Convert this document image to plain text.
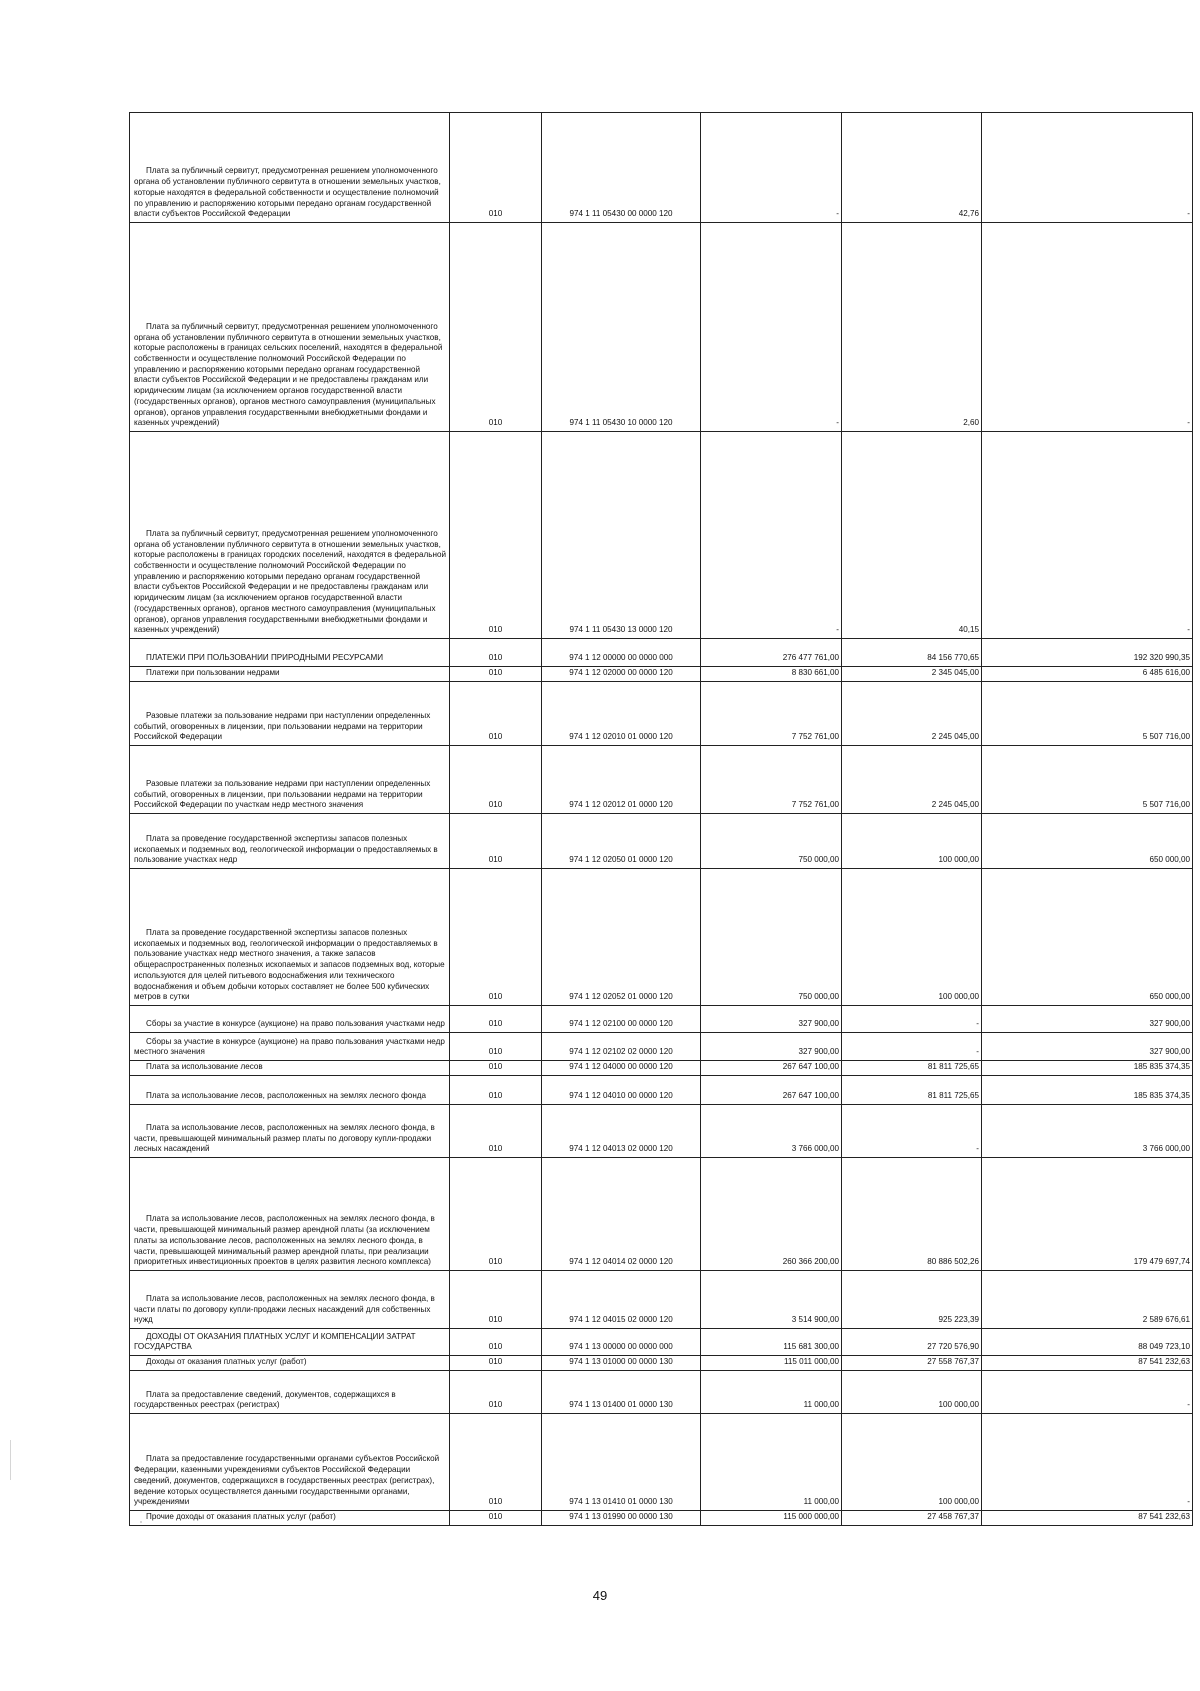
Плата за публичный сервитут, предусмотренная решением уполномоченного органа об установлении публичного сервитута в отношении земельных участков, которые находятся в федеральной собственности и осуществление полномочий по управлению и распоряжению которыми передано органам государственной власти субъектов Российской Федерации	010	974 1 11 05430 00 0000 120	-	42,76	-

Плата за публичный сервитут, предусмотренная решением уполномоченного органа об установлении публичного сервитута в отношении земельных участков, которые расположены в границах сельских поселений, находятся в федеральной собственности и осуществление полномочий Российской Федерации по управлению и распоряжению которыми передано органам государственной власти субъектов Российской Федерации и не предоставлены гражданам или юридическим лицам (за исключением органов государственной власти (государственных органов), органов местного самоуправления (муниципальных органов), органов управления государственными внебюджетными фондами и казенных учреждений)	010	974 1 11 05430 10 0000 120	-	2,60	-

Плата за публичный сервитут, предусмотренная решением уполномоченного органа об установлении публичного сервитута в отношении земельных участков, которые расположены в границах городских поселений, находятся в федеральной собственности и осуществление полномочий Российской Федерации по управлению и распоряжению которыми передано органам государственной власти субъектов Российской Федерации и не предоставлены гражданам или юридическим лицам (за исключением органов государственной власти (государственных органов), органов местного самоуправления (муниципальных органов), органов управления государственными внебюджетными фондами и казенных учреждений)	010	974 1 11 05430 13 0000 120	-	40,15	-

ПЛАТЕЖИ ПРИ ПОЛЬЗОВАНИИ ПРИРОДНЫМИ РЕСУРСАМИ	010	974 1 12 00000 00 0000 000	276 477 761,00	84 156 770,65	192 320 990,35

Платежи при пользовании недрами	010	974 1 12 02000 00 0000 120	8 830 661,00	2 345 045,00	6 485 616,00

Разовые платежи за пользование недрами при наступлении определенных событий, оговоренных в лицензии, при пользовании недрами на территории Российской Федерации	010	974 1 12 02010 01 0000 120	7 752 761,00	2 245 045,00	5 507 716,00

Разовые платежи за пользование недрами при наступлении определенных событий, оговоренных в лицензии, при пользовании недрами на территории Российской Федерации по участкам недр местного значения	010	974 1 12 02012 01 0000 120	7 752 761,00	2 245 045,00	5 507 716,00

Плата за проведение государственной экспертизы запасов полезных ископаемых и подземных вод, геологической информации о предоставляемых в пользование участках недр	010	974 1 12 02050 01 0000 120	750 000,00	100 000,00	650 000,00

Плата за проведение государственной экспертизы запасов полезных ископаемых и подземных вод, геологической информации о предоставляемых в пользование участках недр местного значения, а также запасов общераспространенных полезных ископаемых и запасов подземных вод, которые используются для целей питьевого водоснабжения или технического водоснабжения и объем добычи которых составляет не более 500 кубических метров в сутки	010	974 1 12 02052 01 0000 120	750 000,00	100 000,00	650 000,00

Сборы за участие в конкурсе (аукционе) на право пользования участками недр	010	974 1 12 02100 00 0000 120	327 900,00	-	327 900,00

Сборы за участие в конкурсе (аукционе) на право пользования участками недр местного значения	010	974 1 12 02102 02 0000 120	327 900,00	-	327 900,00

Плата за использование лесов	010	974 1 12 04000 00 0000 120	267 647 100,00	81 811 725,65	185 835 374,35

Плата за использование лесов, расположенных на землях лесного фонда	010	974 1 12 04010 00 0000 120	267 647 100,00	81 811 725,65	185 835 374,35

Плата за использование лесов, расположенных на землях лесного фонда, в части, превышающей минимальный размер платы по договору купли-продажи лесных насаждений	010	974 1 12 04013 02 0000 120	3 766 000,00	-	3 766 000,00

Плата за использование лесов, расположенных на землях лесного фонда, в части, превышающей минимальный размер арендной платы (за исключением платы за использование лесов, расположенных на землях лесного фонда, в части, превышающей минимальный размер арендной платы, при реализации приоритетных инвестиционных проектов в целях развития лесного комплекса)	010	974 1 12 04014 02 0000 120	260 366 200,00	80 886 502,26	179 479 697,74

Плата за использование лесов, расположенных на землях лесного фонда, в части платы по договору купли-продажи лесных насаждений для собственных нужд	010	974 1 12 04015 02 0000 120	3 514 900,00	925 223,39	2 589 676,61

ДОХОДЫ ОТ ОКАЗАНИЯ ПЛАТНЫХ УСЛУГ И КОМПЕНСАЦИИ ЗАТРАТ ГОСУДАРСТВА	010	974 1 13 00000 00 0000 000	115 681 300,00	27 720 576,90	88 049 723,10

Доходы от оказания платных услуг (работ)	010	974 1 13 01000 00 0000 130	115 011 000,00	27 558 767,37	87 541 232,63

Плата за предоставление сведений, документов, содержащихся в государственных реестрах (регистрах)	010	974 1 13 01400 01 0000 130	11 000,00	100 000,00	-

Плата за предоставление государственными органами субъектов Российской Федерации, казенными учреждениями субъектов Российской Федерации сведений, документов, содержащихся в государственных реестрах (регистрах), ведение которых осуществляется данными государственными органами, учреждениями	010	974 1 13 01410 01 0000 130	11 000,00	100 000,00	-

Прочие доходы от оказания платных услуг (работ)	010	974 1 13 01990 00 0000 130	115 000 000,00	27 458 767,37	87 541 232,63
49
